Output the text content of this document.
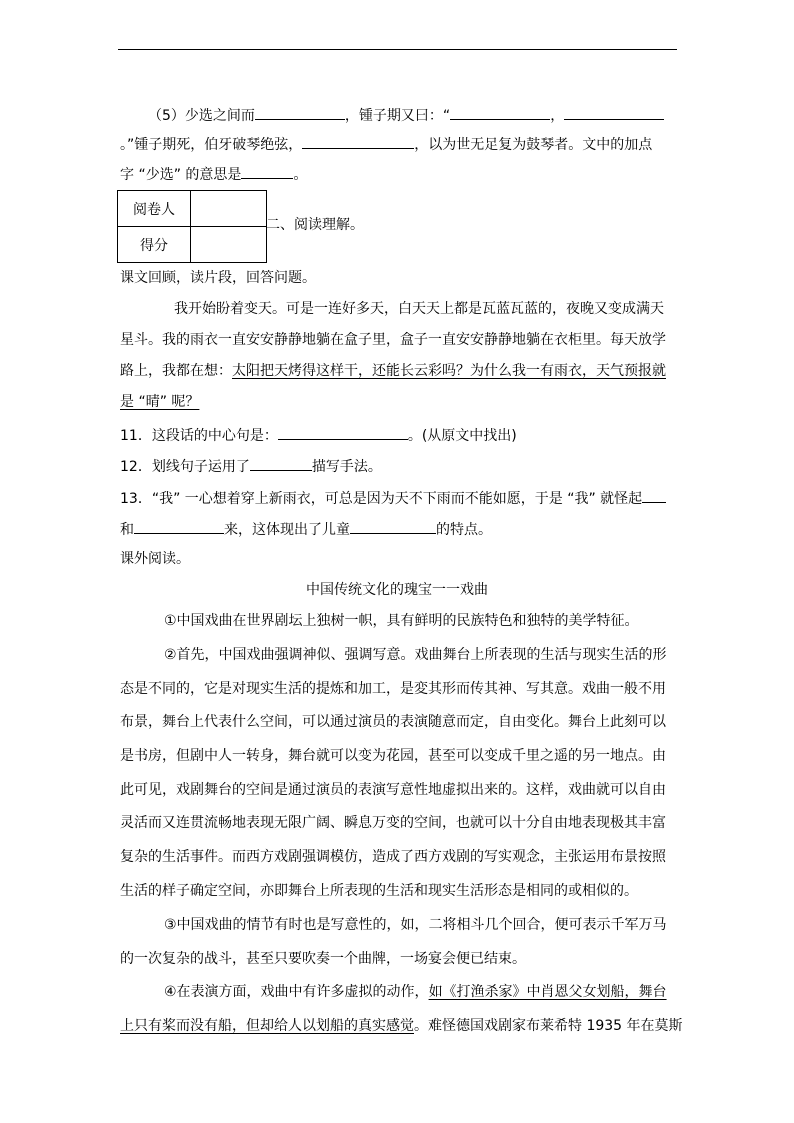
（5）少选之间而	，锺子期又曰：“	，
。”锺子期死，伯牙破琴绝弦，	，以为世无足复为鼓琴者。文中的加点
字 “少选” 的意思是	。
阅卷人	
得分	
二、阅读理解。
课文回顾，读片段，回答问题。
我开始盼着变天。可是一连好多天，白天天上都是瓦蓝瓦蓝的，夜晚又变成满天
星斗。我的雨衣一直安安静静地躺在盒子里，盒子一直安安静静地躺在衣柜里。每天放学
路上，我都在想：太阳把天烤得这样干，还能长云彩吗？为什么我一有雨衣，天气预报就
是 “晴” 呢？
11．这段话的中心句是：	。(从原文中找出)
12．划线句子运用了	描写手法。
13．“我” 一心想着穿上新雨衣，可总是因为天不下雨而不能如愿，于是 “我” 就怪起
和	来，这体现出了儿童	的特点。
课外阅读。
中国传统文化的瑰宝一一戏曲
①中国戏曲在世界剧坛上独树一帜，具有鲜明的民族特色和独特的美学特征。
②首先，中国戏曲强调神似、强调写意。戏曲舞台上所表现的生活与现实生活的形
态是不同的，它是对现实生活的提炼和加工，是変其形而传其神、写其意。戏曲一般不用
布景，舞台上代表什么空间，可以通过演员的表演随意而定，自由变化。舞台上此刻可以
是书房，但剧中人一转身，舞台就可以变为花园，甚至可以变成千里之遥的另一地点。由
此可见，戏剧舞台的空间是通过演员的表演写意性地虚拟出来的。这样，戏曲就可以自由
灵活而又连贯流畅地表现无限广阔、瞬息万变的空间，也就可以十分自由地表现极其丰富
复杂的生活事件。而西方戏剧强调模仿，造成了西方戏剧的写实观念，主张运用布景按照
生活的样子确定空间，亦即舞台上所表现的生活和现实生活形态是相同的或相似的。
③中国戏曲的情节有时也是写意性的，如，二将相斗几个回合，便可表示千军万马
的一次复杂的战斗，甚至只要吹奏一个曲牌，一场宴会便已结束。
④在表演方面，戏曲中有许多虚拟的动作，如《打渔杀家》中肖恩父女划船，舞台
上只有桨而没有船，但却给人以划船的真实感觉。难怪德国戏剧家布莱希特 1935 年在莫斯
